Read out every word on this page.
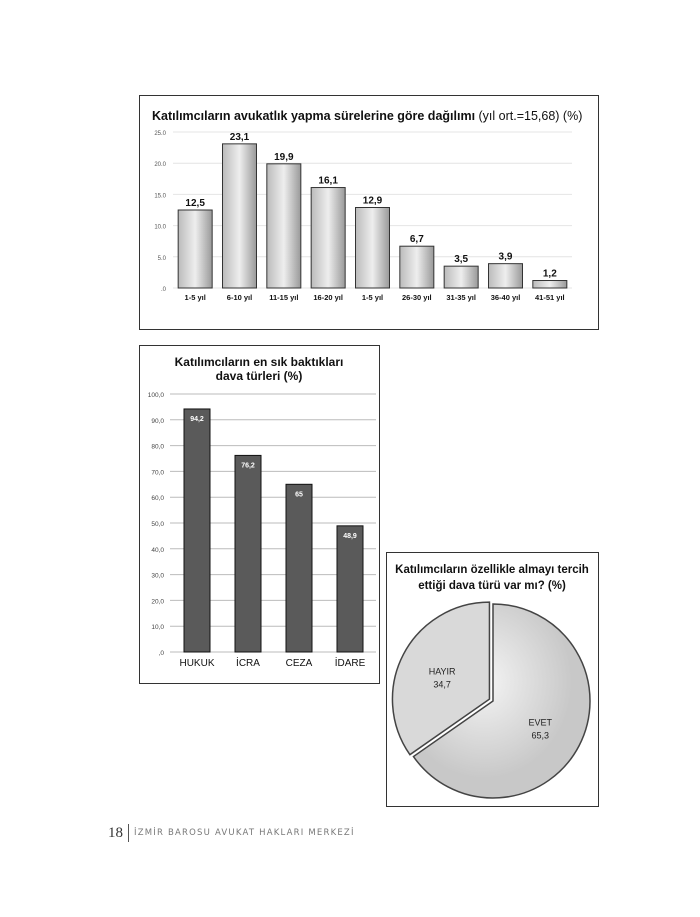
Katılımcıların avukatlık yapma sürelerine göre dağılımı (yıl ort.=15,68) (%)
.0
5.0
10.0
15.0
20.0
25.0
12,5
1-5 yıl
23,1
6-10 yıl
19,9
11-15 yıl
16,1
16-20 yıl
12,9
1-5 yıl
6,7
26-30 yıl
3,5
31-35 yıl
3,9
36-40 yıl
1,2
41-51 yıl
Katılımcıların en sık baktıkları
dava türleri (%)
,0
10,0
20,0
30,0
40,0
50,0
60,0
70,0
80,0
90,0
100,0
94,2
HUKUK
76,2
İCRA
65
CEZA
48,9
İDARE
Katılımcıların özellikle almayı tercih
ettiği dava türü var mı? (%)
HAYIR
34,7
EVET
65,3
18 İZMİR BAROSU AVUKAT HAKLARI MERKEZİ
